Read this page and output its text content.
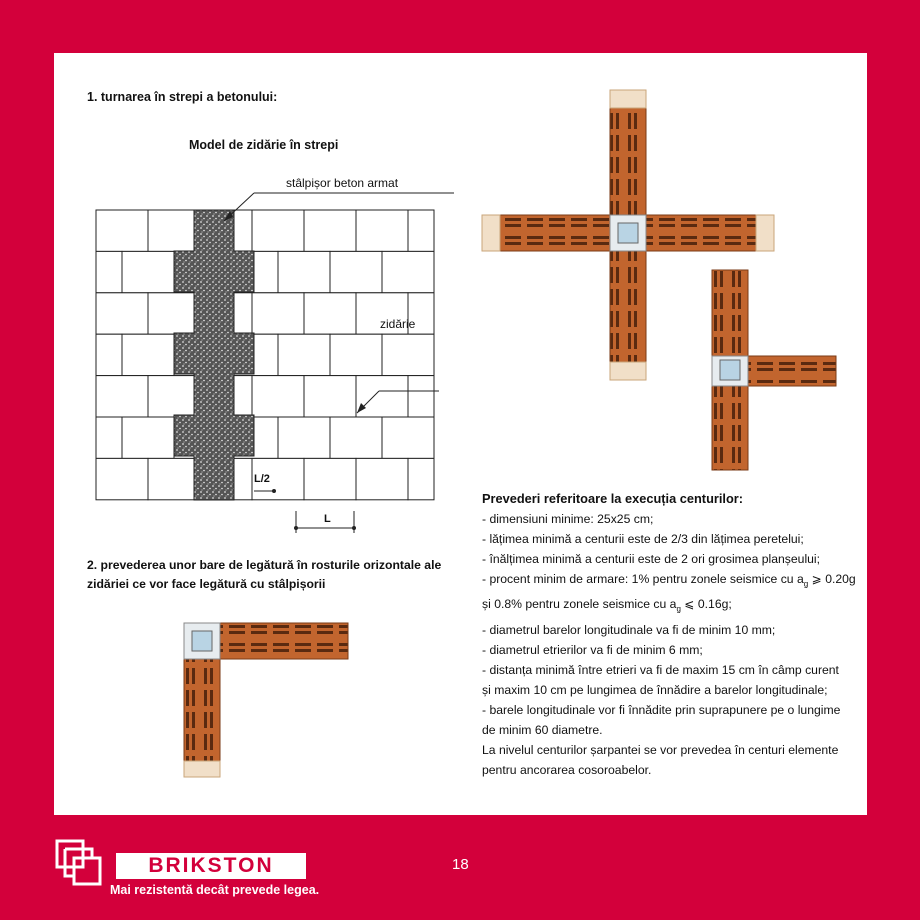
1. turnarea în strepi a betonului:
Model de zidărie în strepi
stâlpișor beton armat
zidărie
L/2
L
2. prevederea unor bare de legătură în rosturile orizontale ale
zidăriei ce vor face legătură cu stâlpișorii
Prevederi referitoare la execuția centurilor:
- dimensiuni minime: 25x25 cm;
- lățimea minimă a centurii este de 2/3 din lățimea peretelui;
- înălțimea minimă a centurii este de 2 ori grosimea planșeului;
- procent minim de armare: 1% pentru zonele seismice cu $a_g$ ⩾ 0.20g
și 0.8% pentru zonele seismice cu $a_g$ ⩽ 0.16g;
- diametrul barelor longitudinale va fi de minim 10 mm;
- diametrul etrierilor va fi de minim 6 mm;
- distanța minimă între etrieri va fi de maxim 15 cm în câmp curent
și maxim 10 cm pe lungimea de înnădire a barelor longitudinale;
- barele longitudinale vor fi înnădite prin suprapunere pe o lungime
de minim 60 diametre.
La nivelul centurilor șarpantei se vor prevedea în centuri elemente
pentru ancorarea cosoroabelor.
BRIKSTON
Mai rezistentă decât prevede legea.
18
